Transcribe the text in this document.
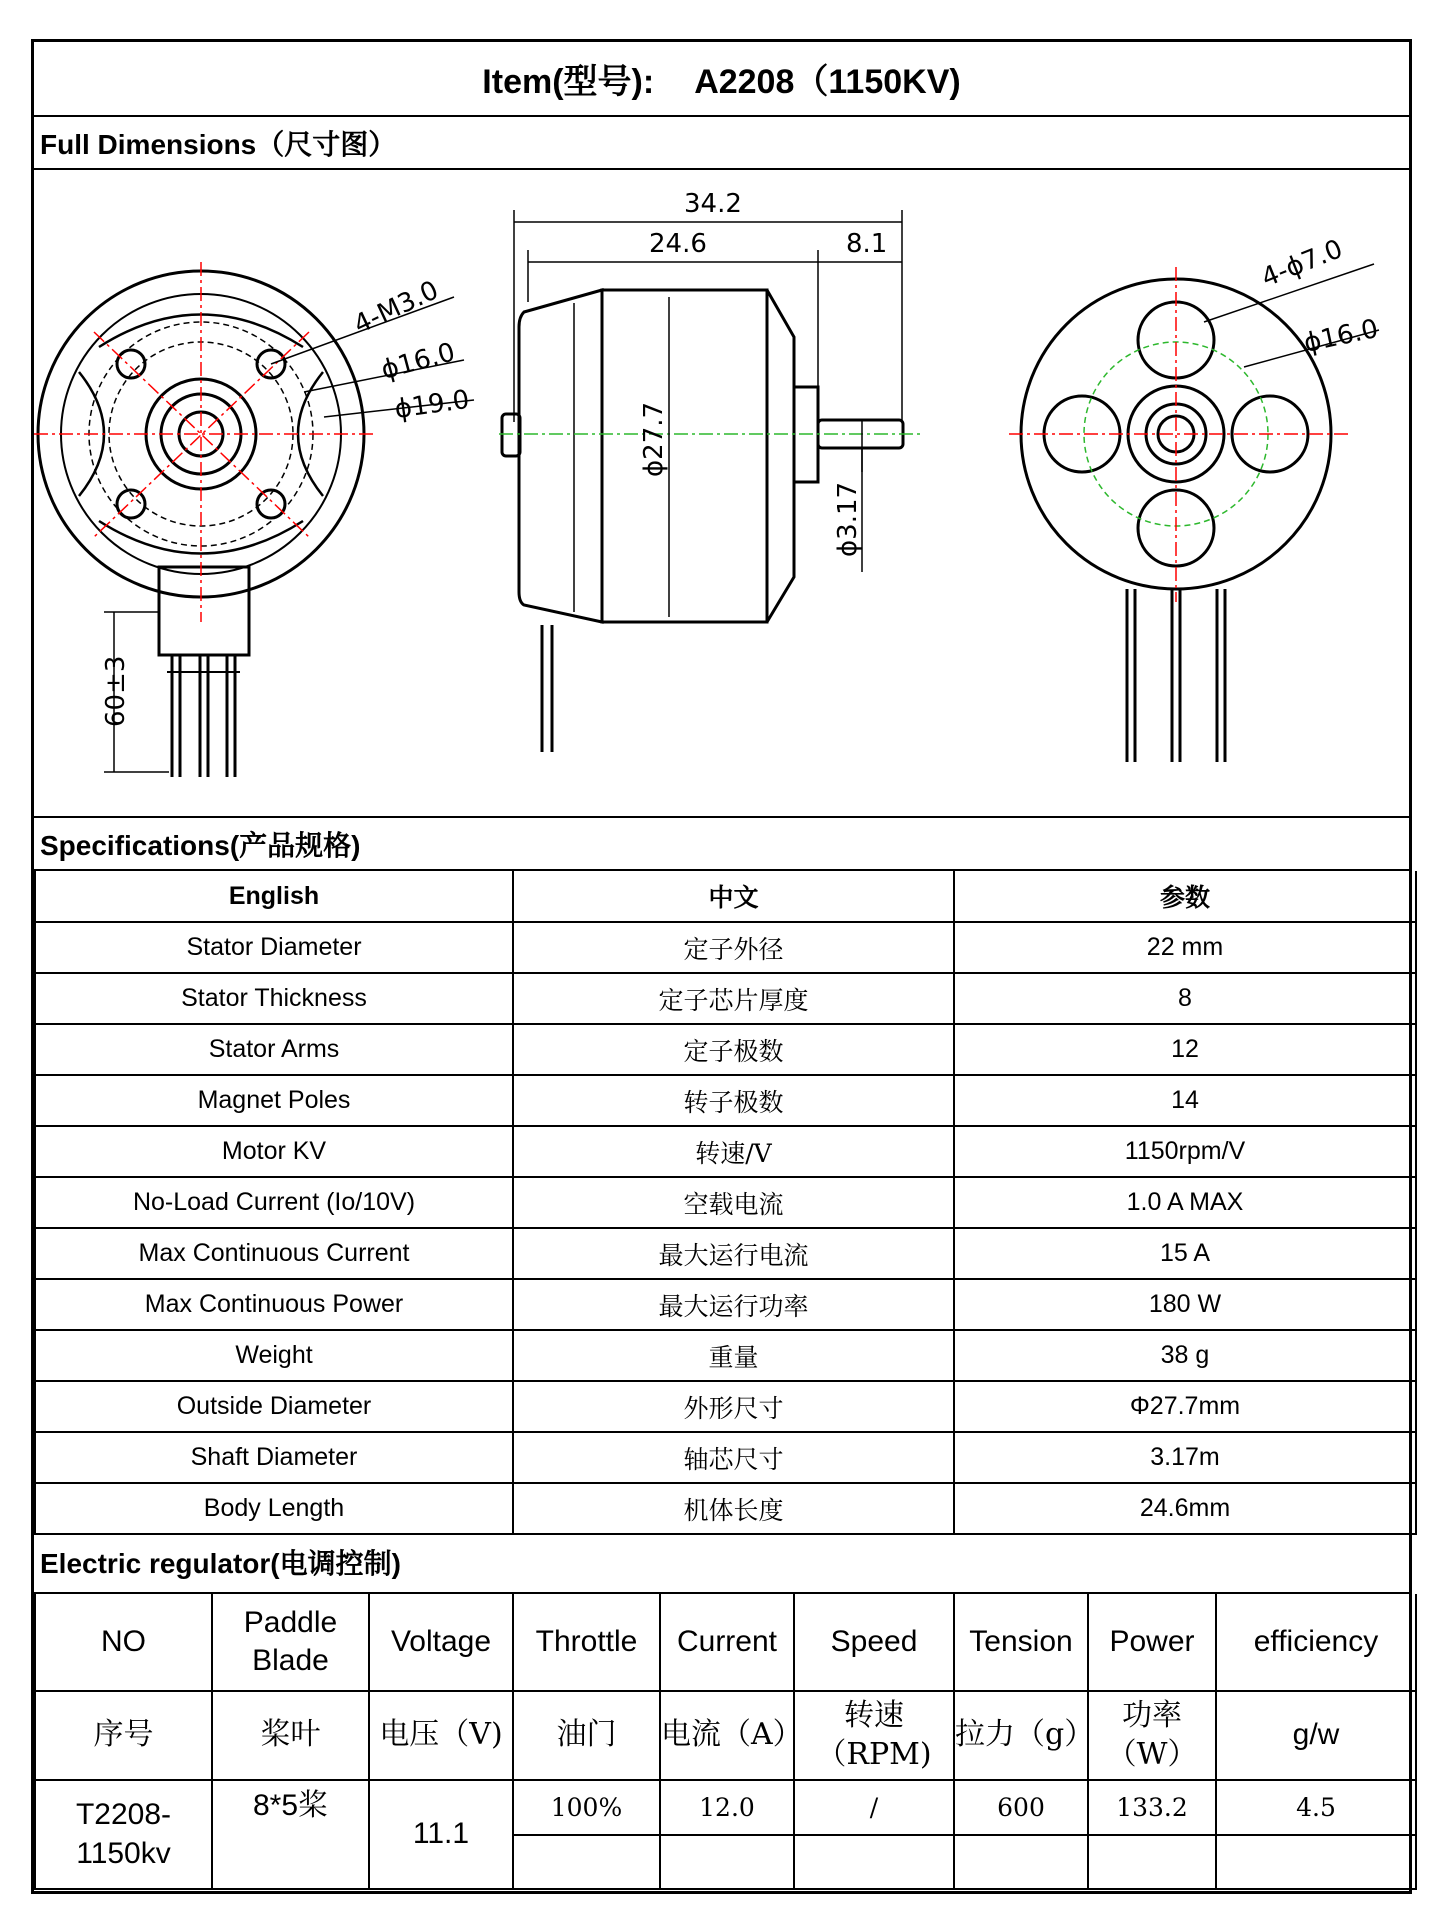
Item(型号): A2208（1150KV)
Full Dimensions（尺寸图）
4-M3.0
ϕ16.0
ϕ19.0
60±3
34.2
24.6	8.1
ϕ27.7
ϕ3.17
4-ϕ7.0
ϕ16.0
Specifications(产品规格)
English	中文	参数
Stator Diameter	定子外径	22 mm
Stator Thickness	定子芯片厚度	8
Stator Arms	定子极数	12
Magnet Poles	转子极数	14
Motor KV	转速/V	1150rpm/V
No-Load Current (Io/10V)	空载电流	1.0 A MAX
Max Continuous Current	最大运行电流	15 A
Max Continuous Power	最大运行功率	180 W
Weight	重量	38 g
Outside Diameter	外形尺寸	Φ27.7mm
Shaft Diameter	轴芯尺寸	3.17m
Body Length	机体长度	24.6mm
Electric regulator(电调控制)
NO	Paddle Blade	Voltage	Throttle	Current	Speed	Tension	Power	efficiency
序号	桨叶	电压（V)	油门	电流（A）	转速（RPM)	拉力（g）	功率（W）	g/w
T2208-1150kv	8*5桨	11.1	100%	12.0	/	600	133.2	4.5
